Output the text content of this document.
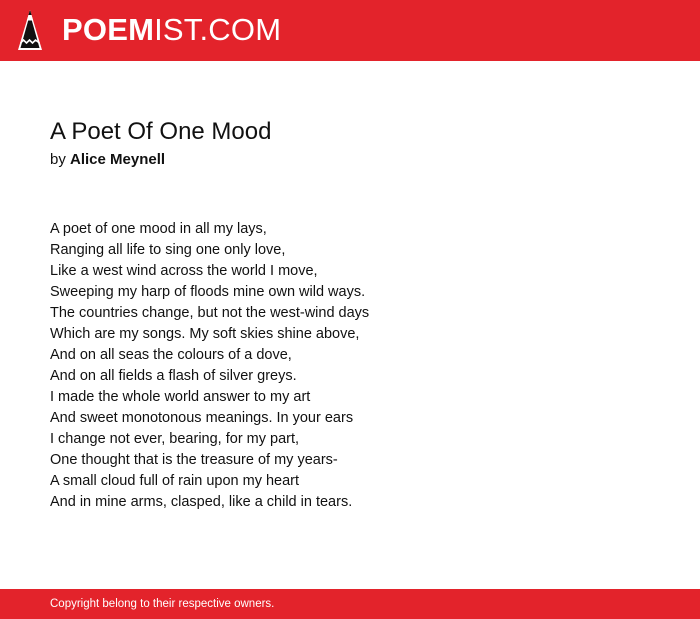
POEMIST.COM
A Poet Of One Mood

by Alice Meynell

A poet of one mood in all my lays,
Ranging all life to sing one only love,
Like a west wind across the world I move,
Sweeping my harp of floods mine own wild ways.
The countries change, but not the west-wind days
Which are my songs. My soft skies shine above,
And on all seas the colours of a dove,
And on all fields a flash of silver greys.
I made the whole world answer to my art
And sweet monotonous meanings. In your ears
I change not ever, bearing, for my part,
One thought that is the treasure of my years-
A small cloud full of rain upon my heart
And in mine arms, clasped, like a child in tears.
Copyright belong to their respective owners.
